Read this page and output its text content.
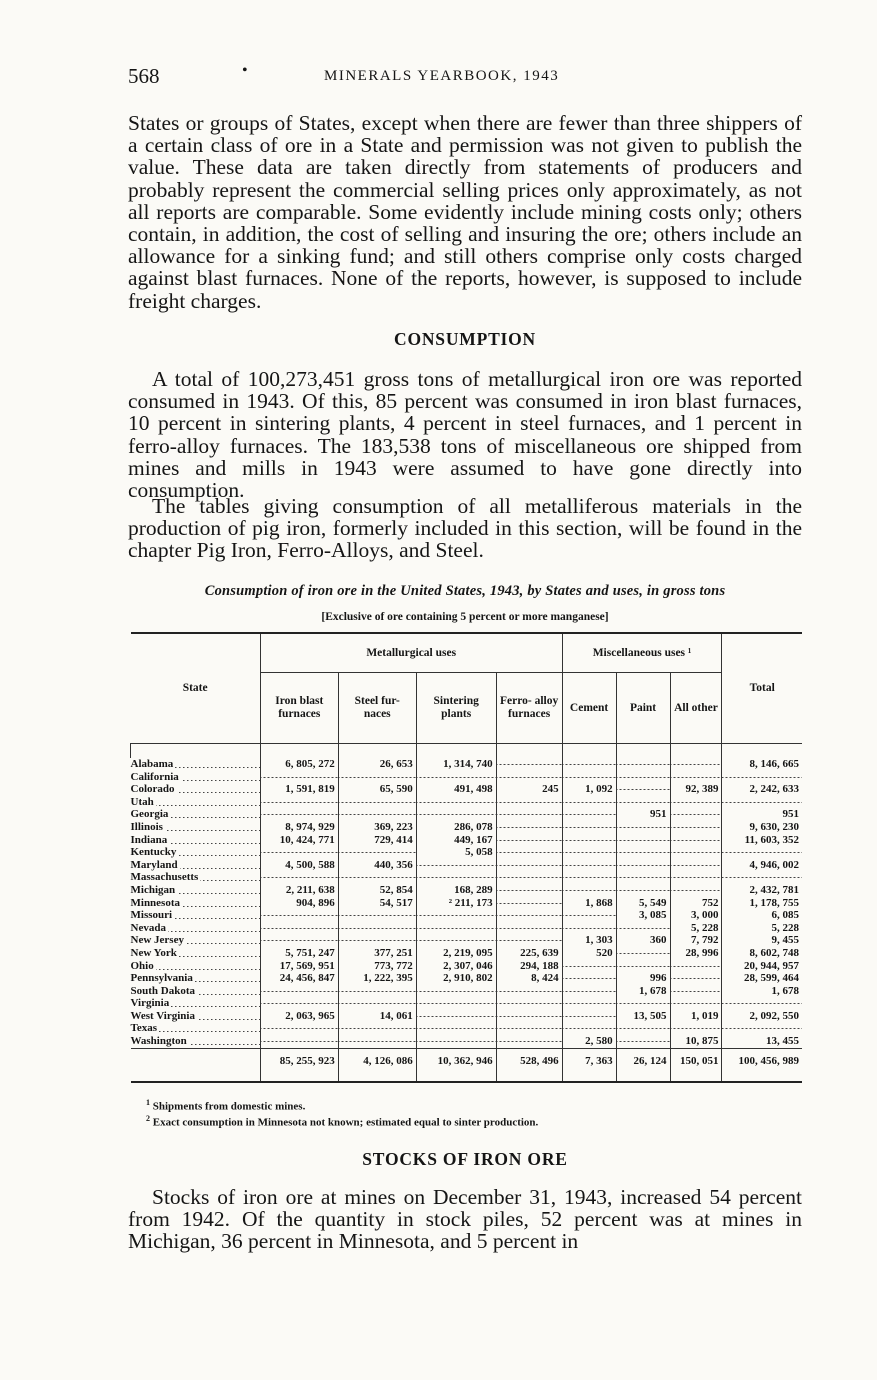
568	•	MINERALS YEARBOOK, 1943
States or groups of States, except when there are fewer than three shippers of a certain class of ore in a State and permission was not given to publish the value. These data are taken directly from statements of producers and probably represent the commercial selling prices only approximately, as not all reports are comparable. Some evidently include mining costs only; others contain, in addition, the cost of selling and insuring the ore; others include an allowance for a sinking fund; and still others comprise only costs charged against blast furnaces. None of the reports, however, is supposed to include freight charges.
CONSUMPTION
A total of 100,273,451 gross tons of metallurgical iron ore was reported consumed in 1943. Of this, 85 percent was consumed in iron blast furnaces, 10 percent in sintering plants, 4 percent in steel furnaces, and 1 percent in ferro-alloy furnaces. The 183,538 tons of miscellaneous ore shipped from mines and mills in 1943 were assumed to have gone directly into consumption.
The tables giving consumption of all metalliferous materials in the production of pig iron, formerly included in this section, will be found in the chapter Pig Iron, Ferro-Alloys, and Steel.
Consumption of iron ore in the United States, 1943, by States and uses, in gross tons
[Exclusive of ore containing 5 percent or more manganese]
State	Metallurgical uses				Miscellaneous uses ¹			Total
	Iron blast furnaces	Steel fur- naces	Sintering plants	Ferro- alloy furnaces	Cement	Paint	All other	

Alabama	6, 805, 272	26, 653	1, 314, 740					8, 146, 665
California								
Colorado	1, 591, 819	65, 590	491, 498	245	1, 092		92, 389	2, 242, 633
Utah								
Georgia						951		951
Illinois	8, 974, 929	369, 223	286, 078					9, 630, 230
Indiana	10, 424, 771	729, 414	449, 167					11, 603, 352
Kentucky			5, 058					
Maryland	4, 500, 588	440, 356						4, 946, 002
Massachusetts								
Michigan	2, 211, 638	52, 854	168, 289					2, 432, 781
Minnesota	904, 896	54, 517	² 211, 173		1, 868	5, 549	752	1, 178, 755
Missouri						3, 085	3, 000	6, 085
Nevada							5, 228	5, 228
New Jersey					1, 303	360	7, 792	9, 455
New York	5, 751, 247	377, 251	2, 219, 095	225, 639	520		28, 996	8, 602, 748
Ohio	17, 569, 951	773, 772	2, 307, 046	294, 188				20, 944, 957
Pennsylvania	24, 456, 847	1, 222, 395	2, 910, 802	8, 424		996		28, 599, 464
South Dakota						1, 678		1, 678
Virginia								
West Virginia	2, 063, 965	14, 061				13, 505	1, 019	2, 092, 550
Texas								
Washington					2, 580		10, 875	13, 455
	85, 255, 923	4, 126, 086	10, 362, 946	528, 496	7, 363	26, 124	150, 051	100, 456, 989

$^1$ Shipments from domestic mines.
$^2$ Exact consumption in Minnesota not known; estimated equal to sinter production.
STOCKS OF IRON ORE
Stocks of iron ore at mines on December 31, 1943, increased 54 percent from 1942. Of the quantity in stock piles, 52 percent was at mines in Michigan, 36 percent in Minnesota, and 5 percent in
